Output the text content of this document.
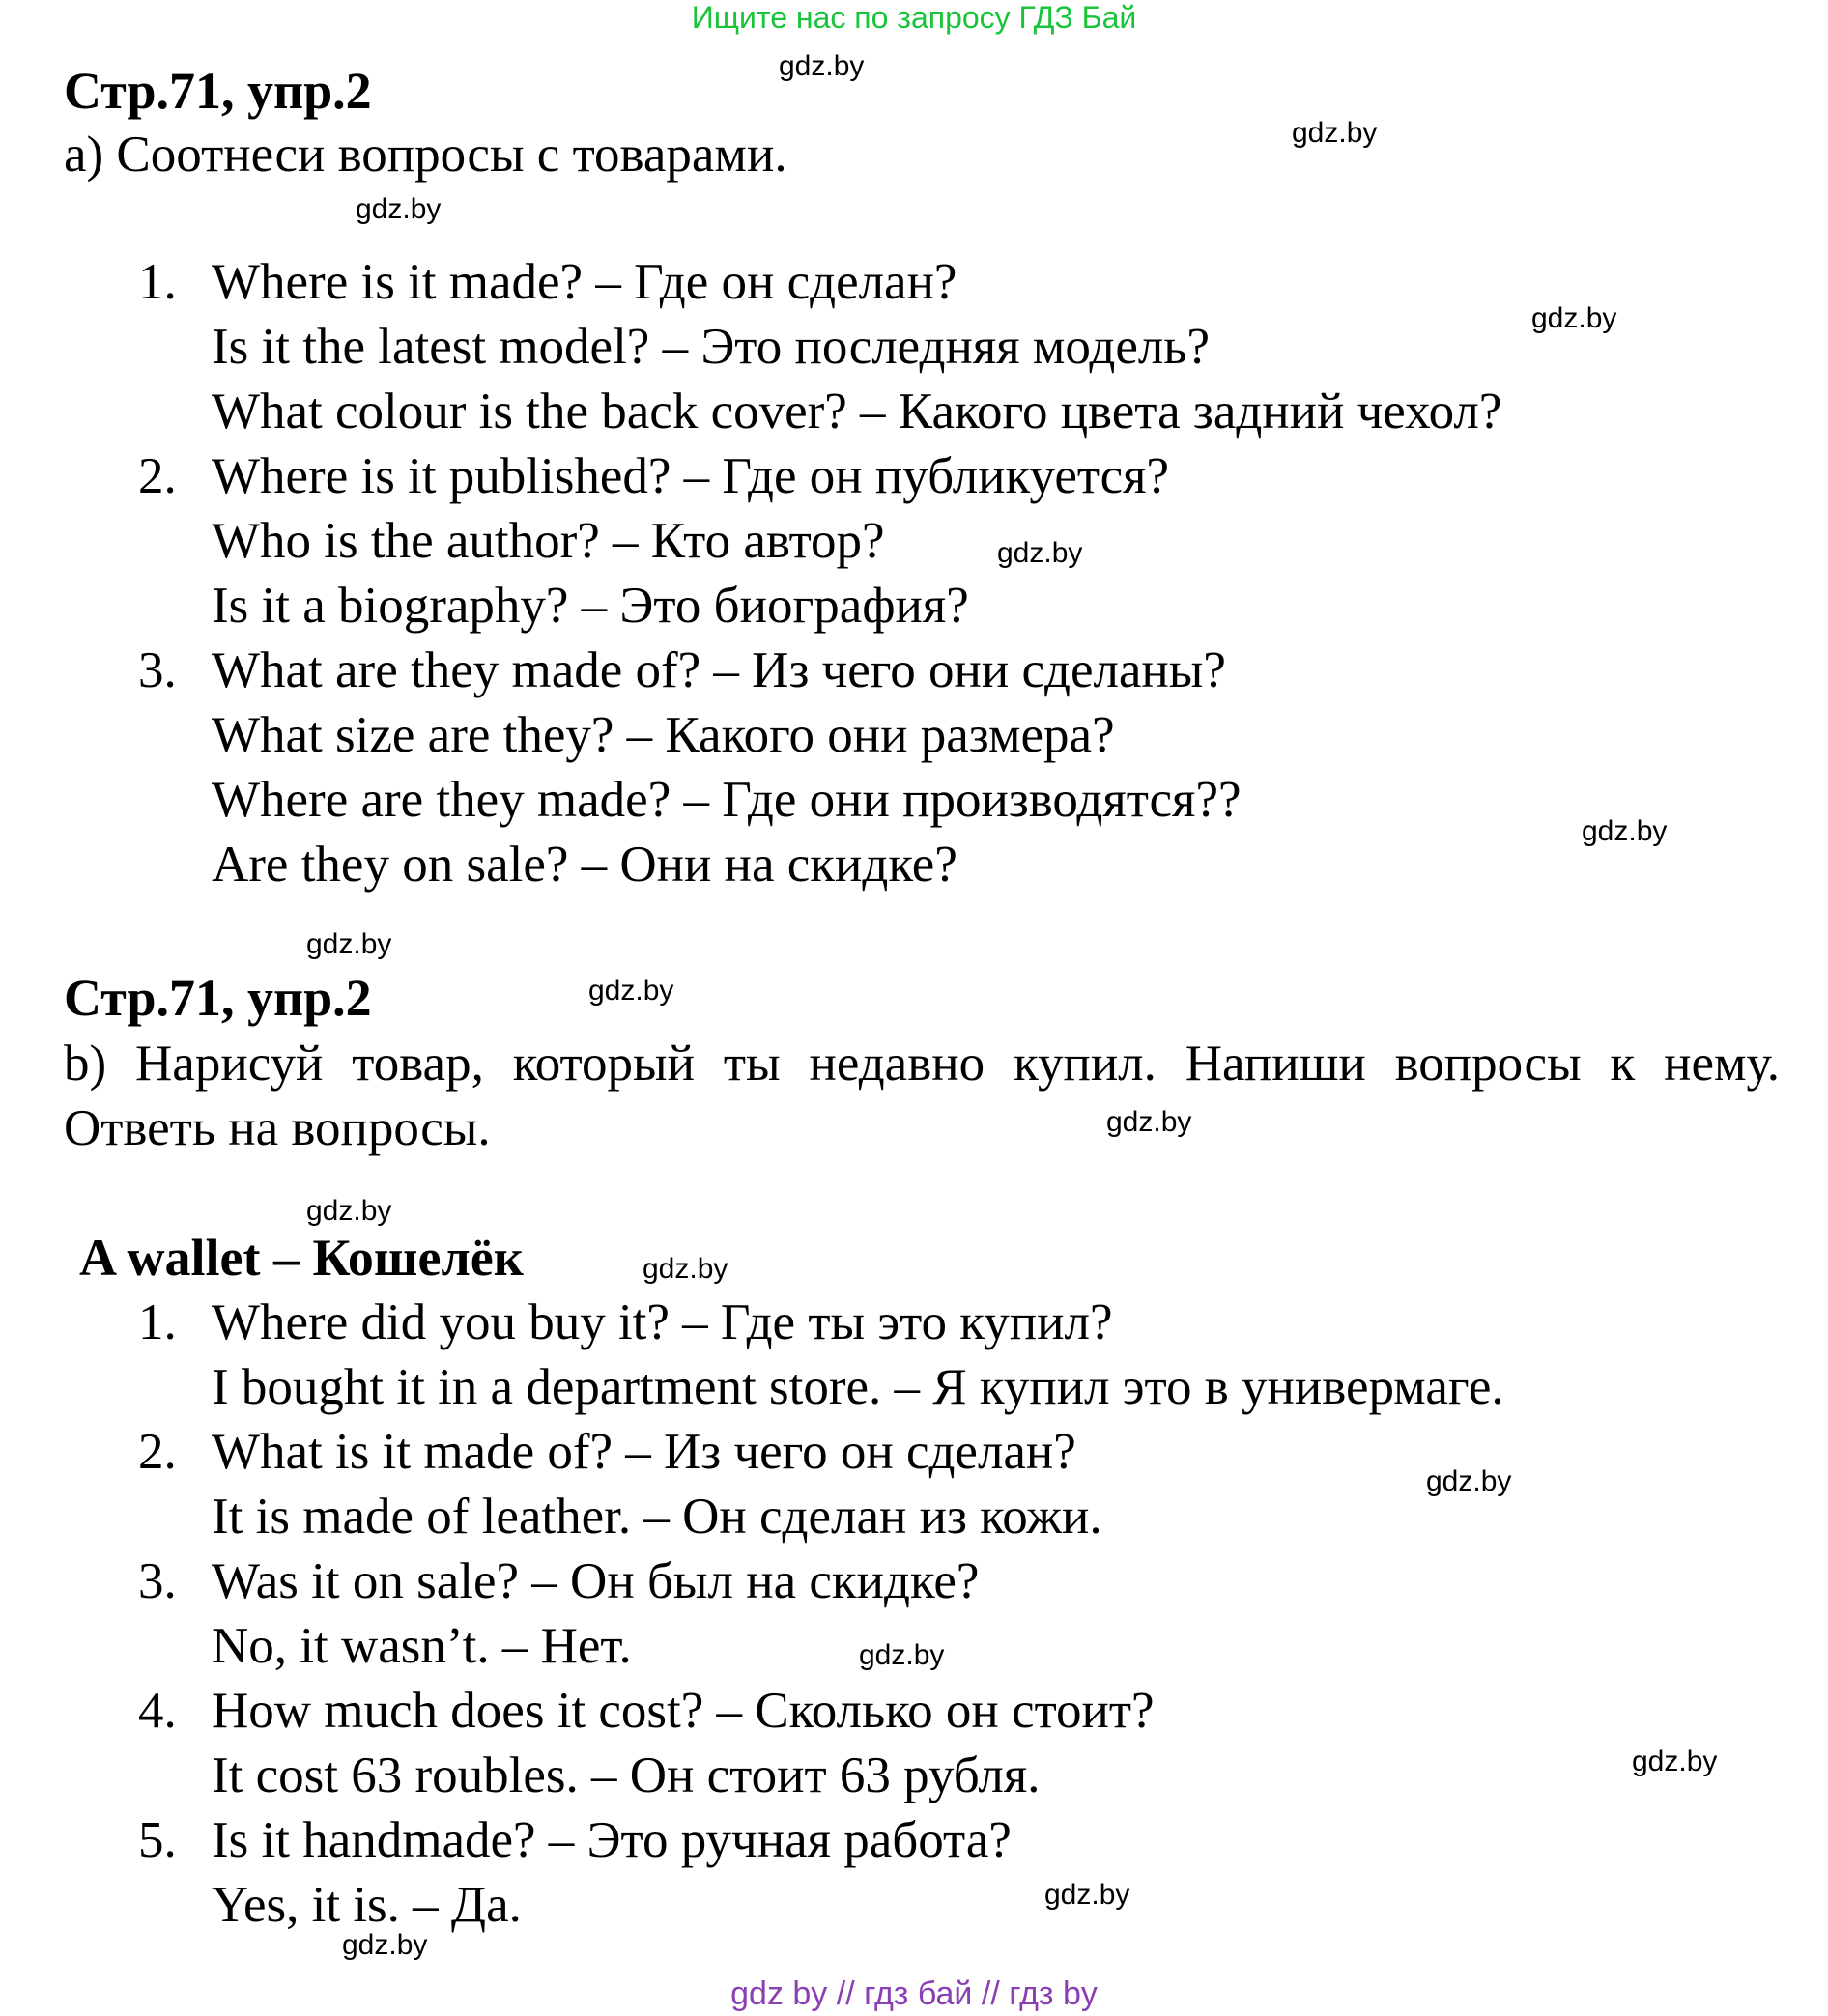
Ищите нас по запросу ГДЗ Бай
Стр.71, упр.2
a) Соотнеси вопросы с товарами.
1. Where is it made? – Где он сделан?
Is it the latest model? – Это последняя модель?
What colour is the back cover? – Какого цвета задний чехол?
2. Where is it published? – Где он публикуется?
Who is the author? – Кто автор?
Is it a biography? – Это биография?
3. What are they made of? – Из чего они сделаны?
What size are they? – Какого они размера?
Where are they made? – Где они производятся??
Are they on sale? – Они на скидке?
Стр.71, упр.2
b) Нарисуй товар, который ты недавно купил. Напиши вопросы к нему. Ответь на вопросы.
A wallet – Кошелёк
1. Where did you buy it? – Где ты это купил?
I bought it in a department store. – Я купил это в универмаге.
2. What is it made of? – Из чего он сделан?
It is made of leather. – Он сделан из кожи.
3. Was it on sale? – Он был на скидке?
No, it wasn’t. – Нет.
4. How much does it cost? – Сколько он стоит?
It cost 63 roubles. – Он стоит 63 рубля.
5. Is it handmade? – Это ручная работа?
Yes, it is. – Да.
gdz.by
gdz.by
gdz.by
gdz.by
gdz.by
gdz.by
gdz.by
gdz.by
gdz.by
gdz.by
gdz.by
gdz.by
gdz.by
gdz.by
gdz.by
gdz.by
gdz by // гдз бай // гдз by
